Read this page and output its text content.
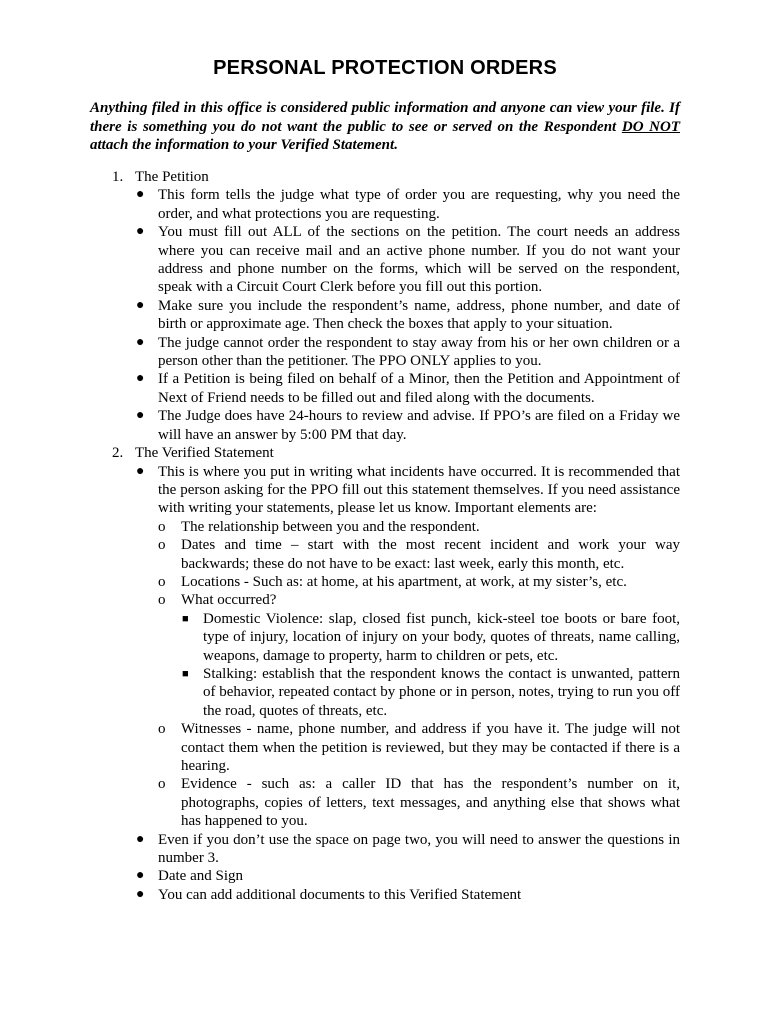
PERSONAL PROTECTION ORDERS
Anything filed in this office is considered public information and anyone can view your file. If there is something you do not want the public to see or served on the Respondent DO NOT attach the information to your Verified Statement.
1. The Petition
● This form tells the judge what type of order you are requesting, why you need the order, and what protections you are requesting.
● You must fill out ALL of the sections on the petition. The court needs an address where you can receive mail and an active phone number. If you do not want your address and phone number on the forms, which will be served on the respondent, speak with a Circuit Court Clerk before you fill out this portion.
● Make sure you include the respondent’s name, address, phone number, and date of birth or approximate age. Then check the boxes that apply to your situation.
● The judge cannot order the respondent to stay away from his or her own children or a person other than the petitioner. The PPO ONLY applies to you.
● If a Petition is being filed on behalf of a Minor, then the Petition and Appointment of Next of Friend needs to be filled out and filed along with the documents.
● The Judge does have 24-hours to review and advise. If PPO’s are filed on a Friday we will have an answer by 5:00 PM that day.
2. The Verified Statement
● This is where you put in writing what incidents have occurred. It is recommended that the person asking for the PPO fill out this statement themselves. If you need assistance with writing your statements, please let us know. Important elements are:
o The relationship between you and the respondent.
o Dates and time – start with the most recent incident and work your way backwards; these do not have to be exact: last week, early this month, etc.
o Locations - Such as: at home, at his apartment, at work, at my sister’s, etc.
o What occurred?
■ Domestic Violence: slap, closed fist punch, kick-steel toe boots or bare foot, type of injury, location of injury on your body, quotes of threats, name calling, weapons, damage to property, harm to children or pets, etc.
■ Stalking: establish that the respondent knows the contact is unwanted, pattern of behavior, repeated contact by phone or in person, notes, trying to run you off the road, quotes of threats, etc.
o Witnesses - name, phone number, and address if you have it. The judge will not contact them when the petition is reviewed, but they may be contacted if there is a hearing.
o Evidence - such as: a caller ID that has the respondent’s number on it, photographs, copies of letters, text messages, and anything else that shows what has happened to you.
● Even if you don’t use the space on page two, you will need to answer the questions in number 3.
● Date and Sign
● You can add additional documents to this Verified Statement
